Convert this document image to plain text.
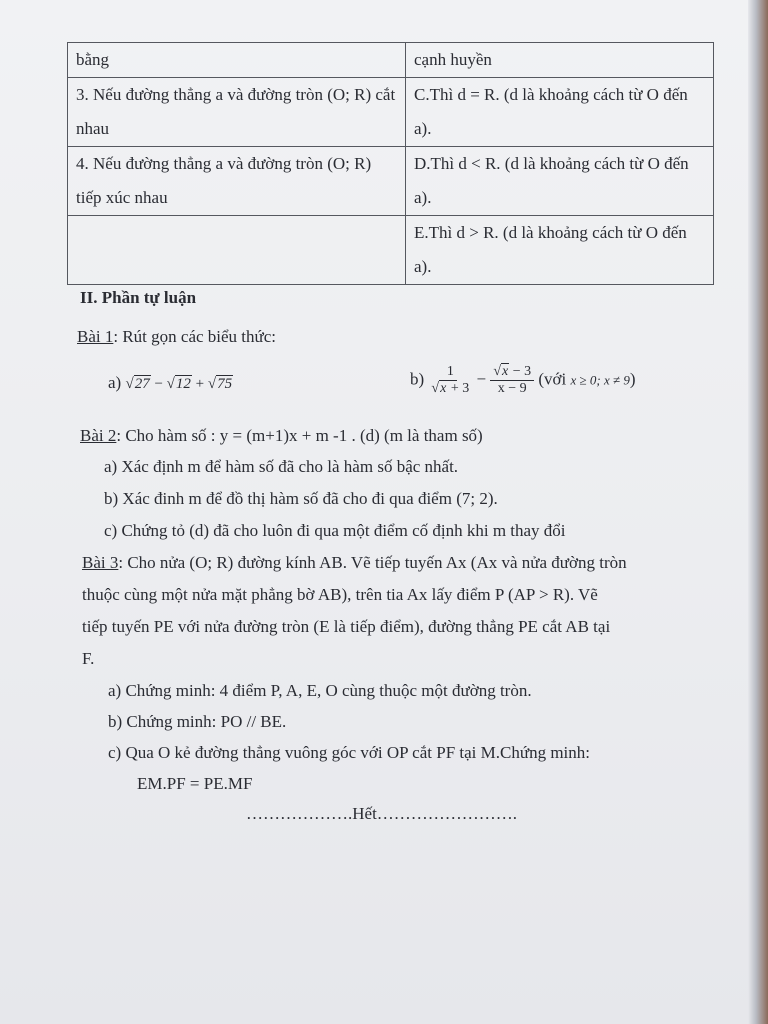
bằng	cạnh huyền
3. Nếu đường thẳng a và đường tròn (O; R) cắt nhau	C.Thì d = R. (d là khoảng cách từ O đến a).
4. Nếu đường thẳng a và đường tròn (O; R) tiếp xúc nhau	D.Thì d < R. (d là khoảng cách từ O đến a).
	E.Thì d > R. (d là khoảng cách từ O đến a).
II. Phần tự luận
Bài 1: Rút gọn các biểu thức:
a) √27 − √12 + √75	$b) \frac{1}{√x + 3} - \frac{√x - 3}{x - 9}$ (với x ≥ 0; x ≠ 9)
Bài 2: Cho hàm số : y = (m+1)x + m -1 . (d) (m là tham số)
a) Xác định m để hàm số đã cho là hàm số bậc nhất.
b) Xác đinh m để đồ thị hàm số đã cho đi qua điểm (7; 2).
c) Chứng tỏ (d) đã cho luôn đi qua một điểm cố định khi m thay đổi
Bài 3: Cho nửa (O; R) đường kính AB. Vẽ tiếp tuyến Ax (Ax và nửa đường tròn
thuộc cùng một nửa mặt phẳng bờ AB), trên tia Ax lấy điểm P (AP > R). Vẽ
tiếp tuyến PE với nửa đường tròn (E là tiếp điểm), đường thẳng PE cắt AB tại
F.
a) Chứng minh: 4 điểm P, A, E, O cùng thuộc một đường tròn.
b) Chứng minh: PO // BE.
c) Qua O kẻ đường thẳng vuông góc với OP cắt PF tại M.Chứng minh:
EM.PF = PE.MF
……………….Hết…………………….
